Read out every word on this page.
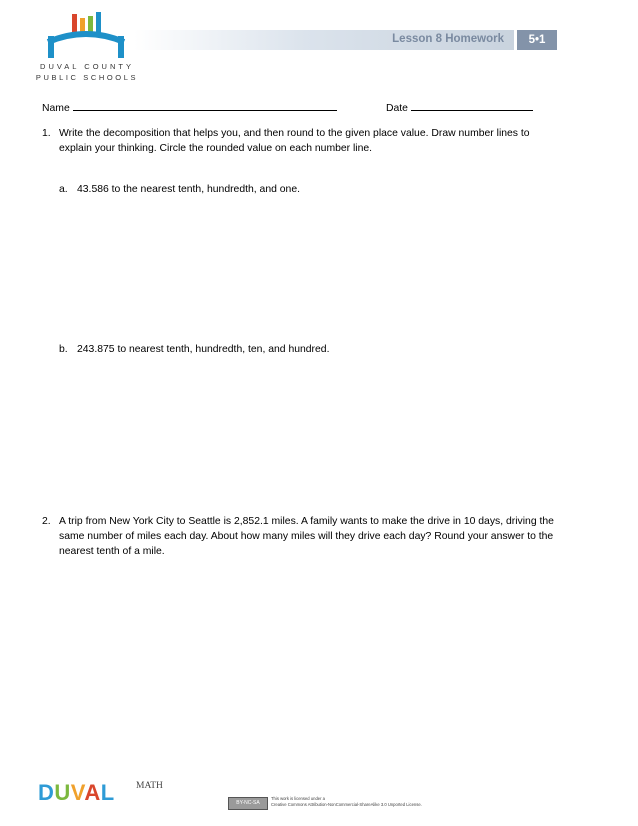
DUVAL COUNTY
PUBLIC SCHOOLS
Lesson 8 Homework	5•1
Name	Date
1. Write the decomposition that helps you, and then round to the given place value. Draw number lines to explain your thinking. Circle the rounded value on each number line.
a. 43.586 to the nearest tenth, hundredth, and one.
b. 243.875 to nearest tenth, hundredth, ten, and hundred.
2. A trip from New York City to Seattle is 2,852.1 miles. A family wants to make the drive in 10 days, driving the same number of miles each day. About how many miles will they drive each day? Round your answer to the nearest tenth of a mile.
DUVAL MATH
BY-NC-SA
This work is licensed under a
Creative Commons Attribution-NonCommercial-ShareAlike 3.0 Unported License.
